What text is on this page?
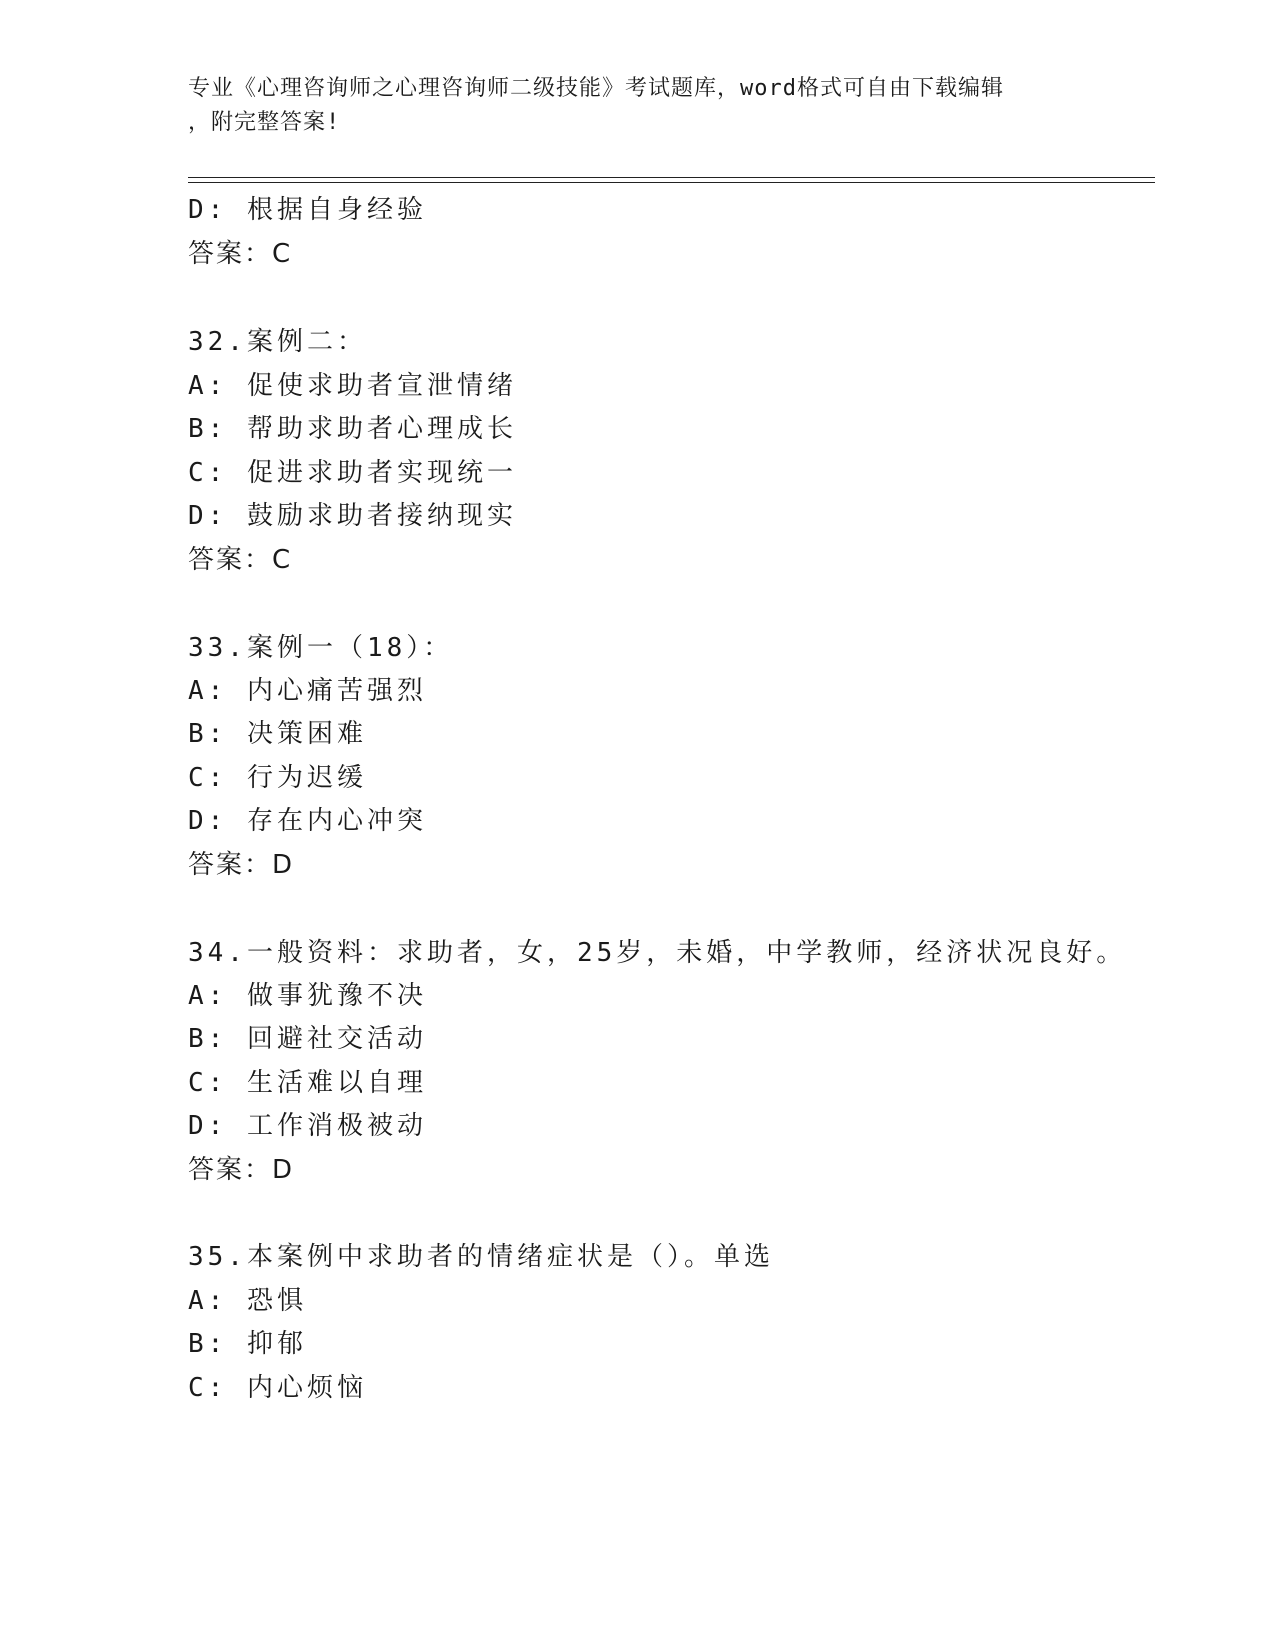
专业《心理咨询师之心理咨询师二级技能》考试题库，word格式可自由下载编辑
，附完整答案!
D: 根据自身经验
答案：C
32.案例二：
A: 促使求助者宣泄情绪
B: 帮助求助者心理成长
C: 促进求助者实现统一
D: 鼓励求助者接纳现实
答案：C
33.案例一（18）：
A: 内心痛苦强烈
B: 决策困难
C: 行为迟缓
D: 存在内心冲突
答案：D
34.一般资料：求助者，女，25岁，未婚，中学教师，经济状况良好。
A: 做事犹豫不决
B: 回避社交活动
C: 生活难以自理
D: 工作消极被动
答案：D
35.本案例中求助者的情绪症状是（）。单选
A: 恐惧
B: 抑郁
C: 内心烦恼
